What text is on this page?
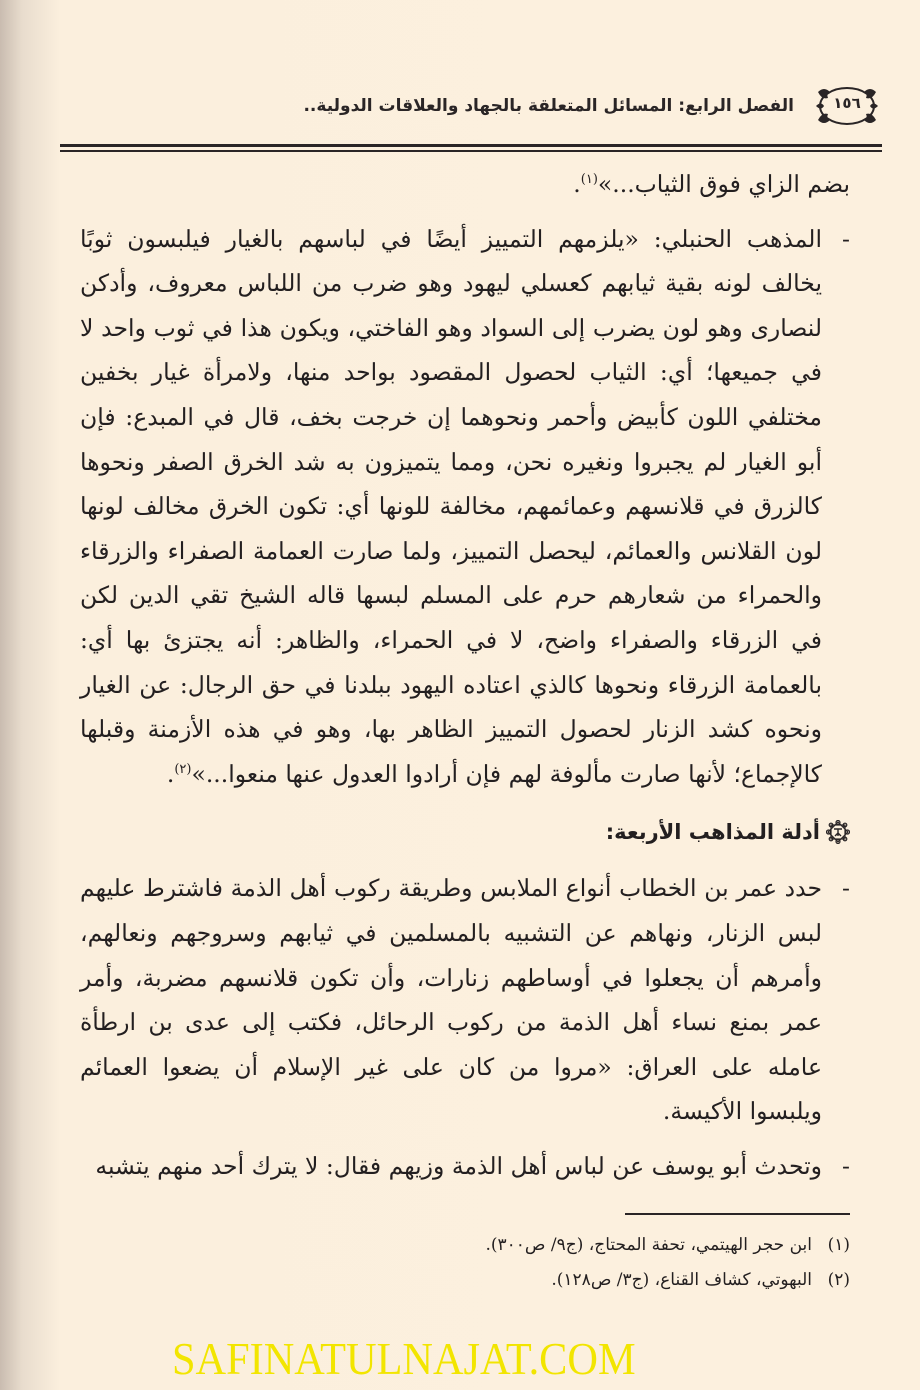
١٥٦
الفصل الرابع: المسائل المتعلقة بالجهاد والعلاقات الدولية..

بضم الزاي فوق الثياب...»$^{(١)}$.

-
المذهب الحنبلي: «يلزمهم التمييز أيضًا في لباسهم بالغيار فيلبسون ثوبًا يخالف لونه بقية ثيابهم كعسلي ليهود وهو ضرب من اللباس معروف، وأدكن لنصارى وهو لون يضرب إلى السواد وهو الفاختي، ويكون هذا في ثوب واحد لا في جميعها؛ أي: الثياب لحصول المقصود بواحد منها، ولامرأة غيار بخفين مختلفي اللون كأبيض وأحمر ونحوهما إن خرجت بخف، قال في المبدع: فإن أبو الغيار لم يجبروا ونغيره نحن، ومما يتميزون به شد الخرق الصفر ونحوها كالزرق في قلانسهم وعمائمهم، مخالفة للونها أي: تكون الخرق مخالف لونها لون القلانس والعمائم، ليحصل التمييز، ولما صارت العمامة الصفراء والزرقاء والحمراء من شعارهم حرم على المسلم لبسها قاله الشيخ تقي الدين لكن في الزرقاء والصفراء واضح، لا في الحمراء، والظاهر: أنه يجتزئ بها أي: بالعمامة الزرقاء ونحوها كالذي اعتاده اليهود ببلدنا في حق الرجال: عن الغيار ونحوه كشد الزنار لحصول التمييز الظاهر بها، وهو في هذه الأزمنة وقبلها كالإجماع؛ لأنها صارت مألوفة لهم فإن أرادوا العدول عنها منعوا...»$^{(٢)}$.
أدلة المذاهب الأربعة:
-
حدد عمر بن الخطاب أنواع الملابس وطريقة ركوب أهل الذمة فاشترط عليهم لبس الزنار، ونهاهم عن التشبيه بالمسلمين في ثيابهم وسروجهم ونعالهم، وأمرهم أن يجعلوا في أوساطهم زنارات، وأن تكون قلانسهم مضربة، وأمر عمر بمنع نساء أهل الذمة من ركوب الرحائل، فكتب إلى عدى بن ارطأة عامله على العراق: «مروا من كان على غير الإسلام أن يضعوا العمائم ويلبسوا الأكيسة.
-
وتحدث أبو يوسف عن لباس أهل الذمة وزيهم فقال: لا يترك أحد منهم يتشبه
(١)
ابن حجر الهيتمي، تحفة المحتاج، (ج٩/ ص٣٠٠).
(٢)
البهوتي، كشاف القناع، (ج٣/ ص١٢٨).
SAFINATULNAJAT.COM
